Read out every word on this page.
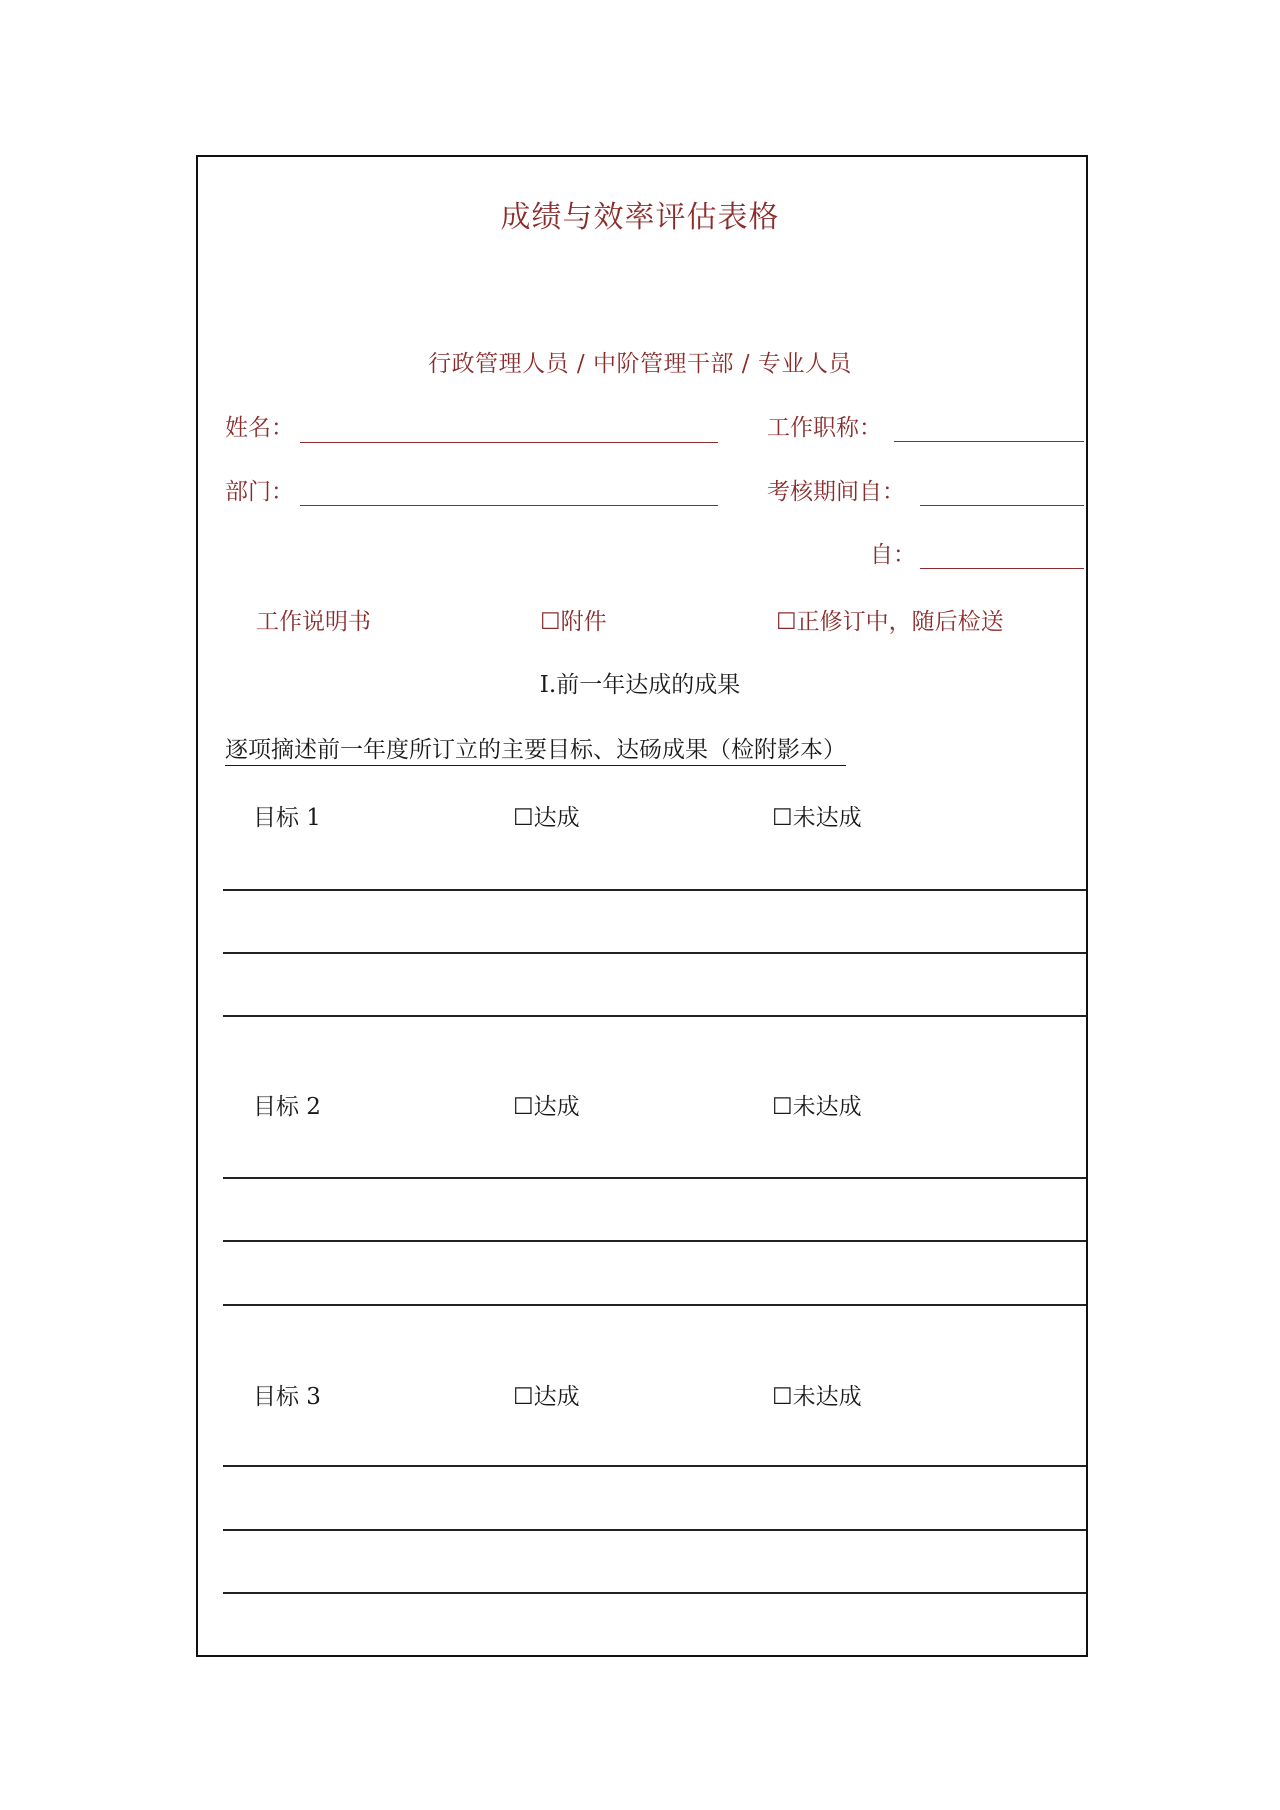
成绩与效率评估表格
行政管理人员 / 中阶管理干部 / 专业人员
姓名：	工作职称：
部门：	考核期间自：
自：
工作说明书	☐附件	☐正修订中，随后检送
Ⅰ.前一年达成的成果
逐项摘述前一年度所订立的主要目标、达砀成果（检附影本）
目标 1	☐达成	☐未达成
目标 2	☐达成	☐未达成
目标 3	☐达成	☐未达成
